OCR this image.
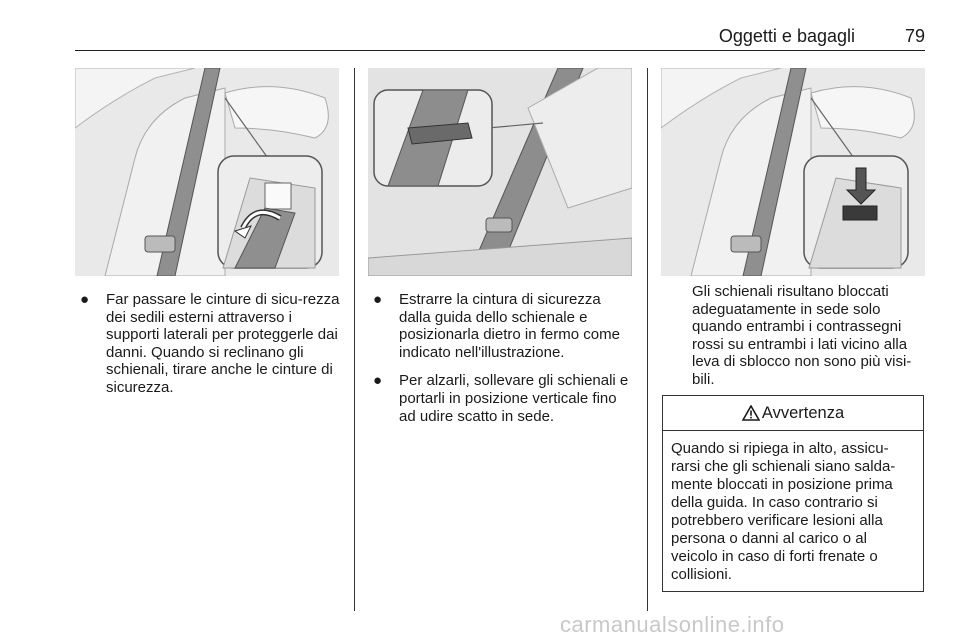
Oggetti e bagagli	79
● Far passare le cinture di sicu-rezza dei sedili esterni attraverso i supporti laterali per proteggerle dai danni. Quando si reclinano gli schienali, tirare anche le cinture di sicurezza.
● Estrarre la cintura di sicurezza dalla guida dello schienale e posizionarla dietro in fermo come indicato nell'illustrazione.
● Per alzarli, sollevare gli schienali e portarli in posizione verticale fino ad udire scatto in sede.
Gli schienali risultano bloccati adeguatamente in sede solo quando entrambi i contrassegni rossi su entrambi i lati vicino alla leva di sblocco non sono più visi-bili.
Avvertenza
Quando si ripiega in alto, assicu-rarsi che gli schienali siano salda-mente bloccati in posizione prima della guida. In caso contrario si potrebbero verificare lesioni alla persona o danni al carico o al veicolo in caso di forti frenate o collisioni.
carmanualsonline.info
